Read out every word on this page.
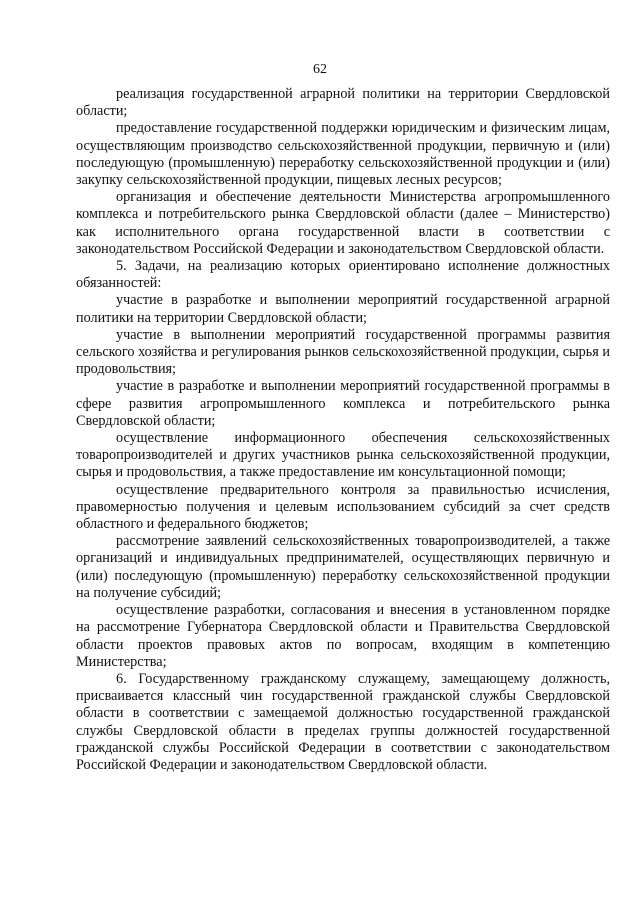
62

реализация государственной аграрной политики на территории Свердловской области;

предоставление государственной поддержки юридическим и физическим лицам, осуществляющим производство сельскохозяйственной продукции, первичную и (или) последующую (промышленную) переработку сельскохозяйственной продукции и (или) закупку сельскохозяйственной продукции, пищевых лесных ресурсов;

организация и обеспечение деятельности Министерства агропромышленного комплекса и потребительского рынка Свердловской области (далее – Министерство) как исполнительного органа государственной власти в соответствии с законодательством Российской Федерации и законодательством Свердловской области.

5. Задачи, на реализацию которых ориентировано исполнение должностных обязанностей:

участие в разработке и выполнении мероприятий государственной аграрной политики на территории Свердловской области;

участие в выполнении мероприятий государственной программы развития сельского хозяйства и регулирования рынков сельскохозяйственной продукции, сырья и продовольствия;

участие в разработке и выполнении мероприятий государственной программы в сфере развития агропромышленного комплекса и потребительского рынка Свердловской области;

осуществление информационного обеспечения сельскохозяйственных товаропроизводителей и других участников рынка сельскохозяйственной продукции, сырья и продовольствия, а также предоставление им консультационной помощи;

осуществление предварительного контроля за правильностью исчисления, правомерностью получения и целевым использованием субсидий за счет средств областного и федерального бюджетов;

рассмотрение заявлений сельскохозяйственных товаропроизводителей, а также организаций и индивидуальных предпринимателей, осуществляющих первичную и (или) последующую (промышленную) переработку сельскохозяйственной продукции на получение субсидий;

осуществление разработки, согласования и внесения в установленном порядке на рассмотрение Губернатора Свердловской области и Правительства Свердловской области проектов правовых актов по вопросам, входящим в компетенцию Министерства;

6. Государственному гражданскому служащему, замещающему должность, присваивается классный чин государственной гражданской службы Свердловской области в соответствии с замещаемой должностью государственной гражданской службы Свердловской области в пределах группы должностей государственной гражданской службы Российской Федерации в соответствии с законодательством Российской Федерации и законодательством Свердловской области.
